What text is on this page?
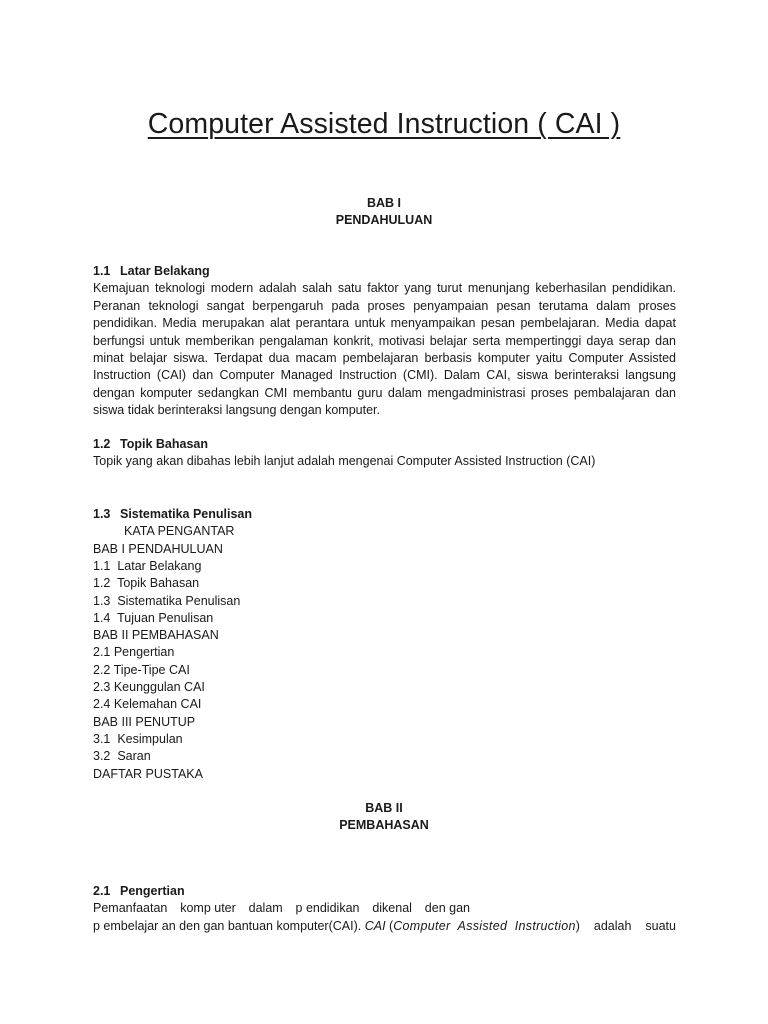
Computer Assisted Instruction ( CAI )
BAB I
PENDAHULUAN
1.1 Latar Belakang
Kemajuan teknologi modern adalah salah satu faktor yang turut menunjang keberhasilan pendidikan. Peranan teknologi sangat berpengaruh pada proses penyampaian pesan terutama dalam proses pendidikan. Media merupakan alat perantara untuk menyampaikan pesan pembelajaran. Media dapat berfungsi untuk memberikan pengalaman konkrit, motivasi belajar serta mempertinggi daya serap dan minat belajar siswa. Terdapat dua macam pembelajaran berbasis komputer yaitu Computer Assisted Instruction (CAI) dan Computer Managed Instruction (CMI). Dalam CAI, siswa berinteraksi langsung dengan komputer sedangkan CMI membantu guru dalam mengadministrasi proses pembalajaran dan siswa tidak berinteraksi langsung dengan komputer.
1.2 Topik Bahasan
Topik yang akan dibahas lebih lanjut adalah mengenai Computer Assisted Instruction (CAI)
1.3 Sistematika Penulisan
KATA PENGANTAR
BAB I PENDAHULUAN
1.1  Latar Belakang
1.2  Topik Bahasan
1.3  Sistematika Penulisan
1.4  Tujuan Penulisan
BAB II PEMBAHASAN
2.1 Pengertian
2.2 Tipe-Tipe CAI
2.3 Keunggulan CAI
2.4 Kelemahan CAI
BAB III PENUTUP
3.1  Kesimpulan
3.2  Saran
DAFTAR PUSTAKA
BAB II
PEMBAHASAN
2.1 Pengertian
Pemanfaatan komp uter dalam p endidikan dikenal den gan
p embelajar an den gan bantuan komputer(CAI). CAI (Computer  Assisted  Instruction) adalah suatu
